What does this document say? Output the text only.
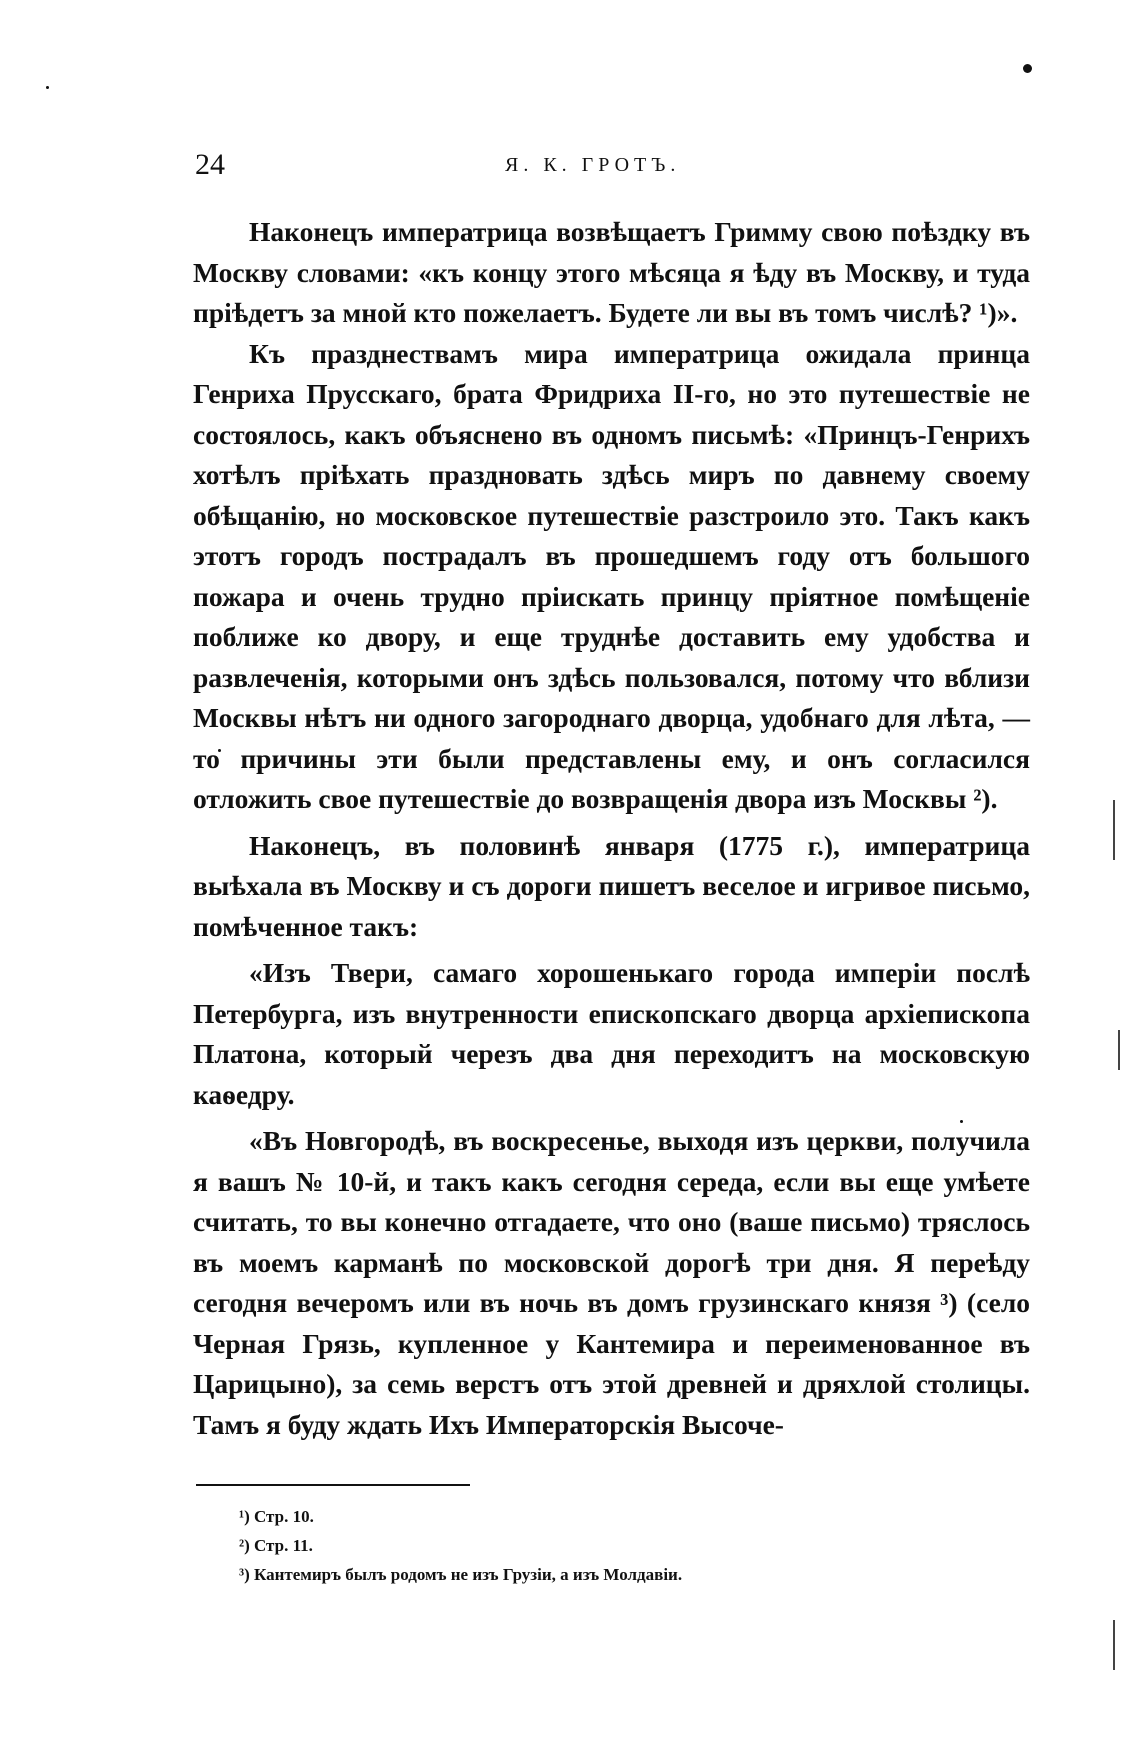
24	Я. К. ГРОТЪ.

Наконецъ императрица возвѣщаетъ Гримму свою поѣздку въ Москву словами: «къ концу этого мѣсяца я ѣду въ Москву, и туда пріѣдетъ за мной кто пожелаетъ. Будете ли вы въ томъ числѣ? ¹)».

Къ празднествамъ мира императрица ожидала принца Генриха Прусскаго, брата Фридриха II-го, но это путешествіе не состоялось, какъ объяснено въ одномъ письмѣ: «Принцъ-Генрихъ хотѣлъ пріѣхать праздновать здѣсь миръ по давнему своему обѣщанію, но московское путешествіе разстроило это. Такъ какъ этотъ городъ пострадалъ въ прошедшемъ году отъ большого пожара и очень трудно пріискать принцу пріятное помѣщеніе поближе ко двору, и еще труднѣе доставить ему удобства и развлеченія, которыми онъ здѣсь пользовался, потому что вблизи Москвы нѣтъ ни одного загороднаго дворца, удобнаго для лѣта, — то причины эти были представлены ему, и онъ согласился отложить свое путешествіе до возвращенія двора изъ Москвы ²).

Наконецъ, въ половинѣ января (1775 г.), императрица выѣхала въ Москву и съ дороги пишетъ веселое и игривое письмо, помѣченное такъ:

«Изъ Твери, самаго хорошенькаго города имперіи послѣ Петербурга, изъ внутренности епископскаго дворца архіепископа Платона, который черезъ два дня переходитъ на московскую каѳедру.

«Въ Новгородѣ, въ воскресенье, выходя изъ церкви, получила я вашъ № 10-й, и такъ какъ сегодня середа, если вы еще умѣете считать, то вы конечно отгадаете, что оно (ваше письмо) тряслось въ моемъ карманѣ по московской дорогѣ три дня. Я переѣду сегодня вечеромъ или въ ночь въ домъ грузинскаго князя ³) (село Черная Грязь, купленное у Кантемира и переименованное въ Царицыно), за семь верстъ отъ этой древней и дряхлой столицы. Тамъ я буду ждать Ихъ Императорскія Высоче-

¹) Стр. 10.
²) Стр. 11.
³) Кантемиръ былъ родомъ не изъ Грузіи, а изъ Молдавіи.
